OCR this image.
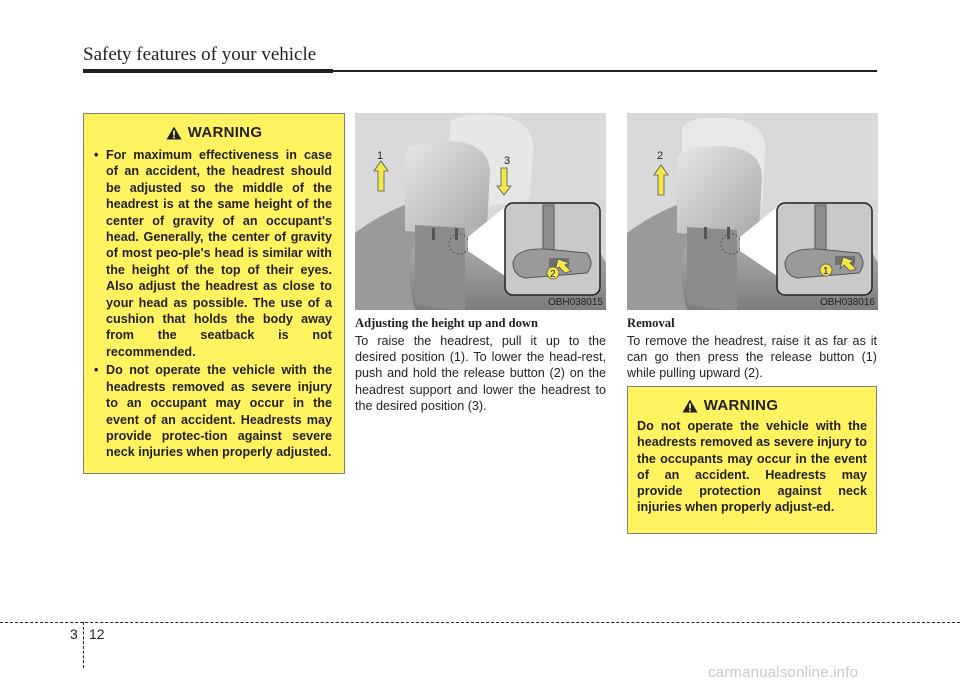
Safety features of your vehicle
WARNING
• For maximum effectiveness in case of an accident, the headrest should be adjusted so the middle of the headrest is at the same height of the center of gravity of an occupant's head. Generally, the center of gravity of most peo-ple's head is similar with the height of the top of their eyes. Also adjust the headrest as close to your head as possible. The use of a cushion that holds the body away from the seatback is not recommended.
• Do not operate the vehicle with the headrests removed as severe injury to an occupant may occur in the event of an accident. Headrests may provide protec-tion against severe neck injuries when properly adjusted.
1	3
2
OBH038015
2
1
OBH038016
Adjusting the height up and down
To raise the headrest, pull it up to the desired position (1). To lower the head-rest, push and hold the release button (2) on the headrest support and lower the headrest to the desired position (3).
Removal
To remove the headrest, raise it as far as it can go then press the release button (1) while pulling upward (2).
WARNING
Do not operate the vehicle with the headrests removed as severe injury to the occupants may occur in the event of an accident. Headrests may provide protection against neck injuries when properly adjust-ed.
3 12
carmanualsonline.info
